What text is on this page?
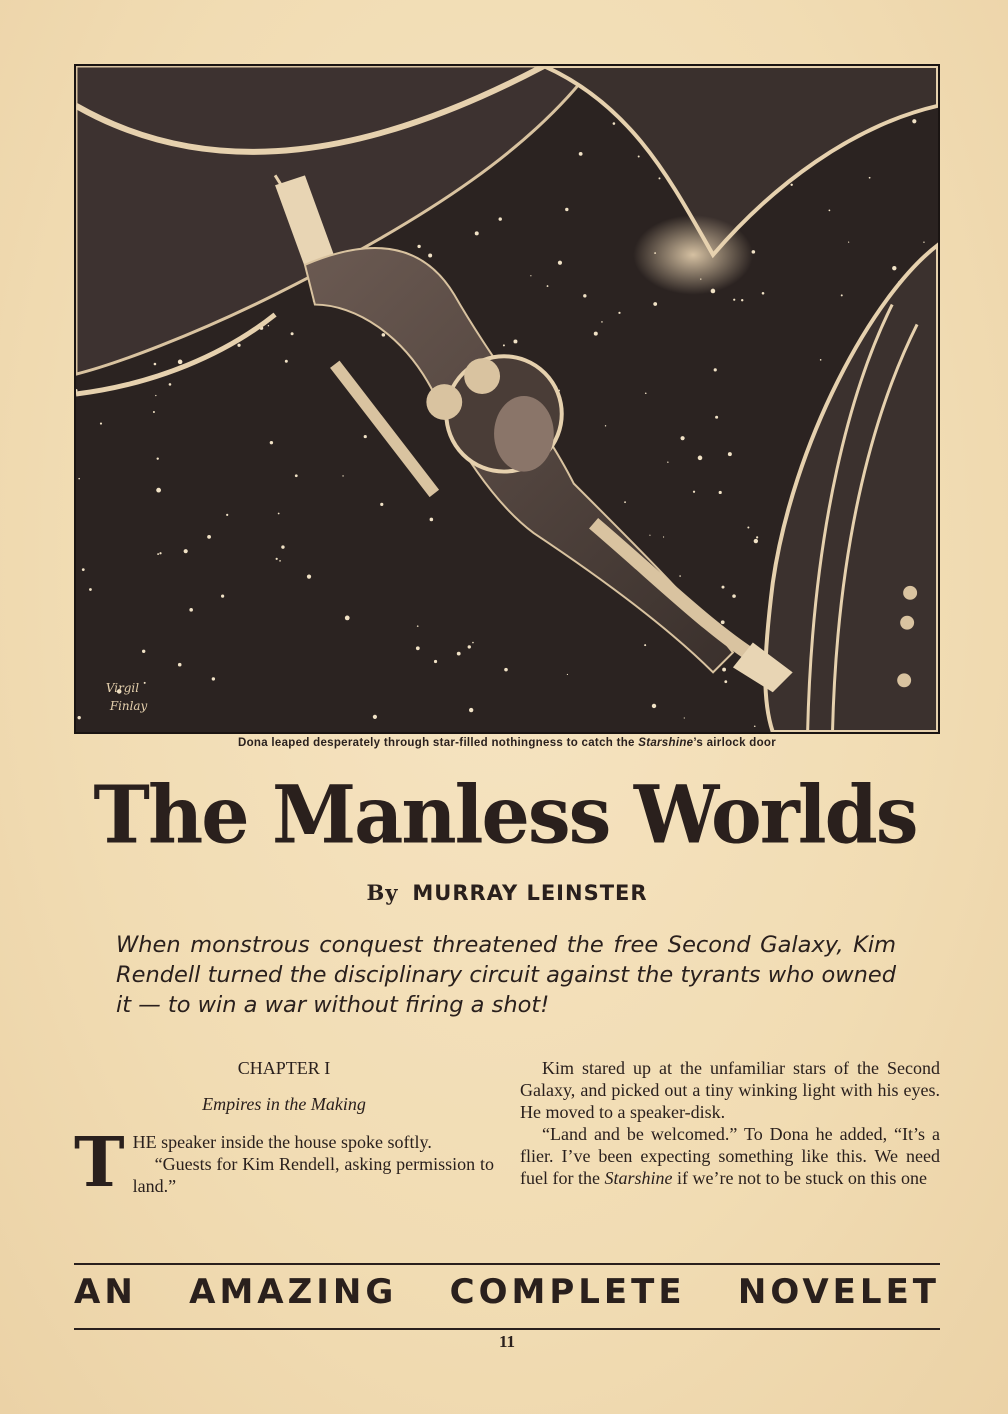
Virgil
Finlay
Dona leaped desperately through star-filled nothingness to catch the Starshine’s airlock door
The Manless Worlds
By MURRAY LEINSTER
When monstrous conquest threatened the free Second Galaxy, Kim Rendell turned the disciplinary circuit against the tyrants who owned it — to win a war without firing a shot!
CHAPTER I
Empires in the Making
T HE speaker inside the house spoke softly.

“Guests for Kim Rendell, asking permission to land.”

Kim stared up at the unfamiliar stars of the Second Galaxy, and picked out a tiny winking light with his eyes. He moved to a speaker-disk.

“Land and be welcomed.” To Dona he added, “It’s a flier. I’ve been expecting something like this. We need fuel for the Starshine if we’re not to be stuck on this one

AN AMAZING COMPLETE NOVELET
11
